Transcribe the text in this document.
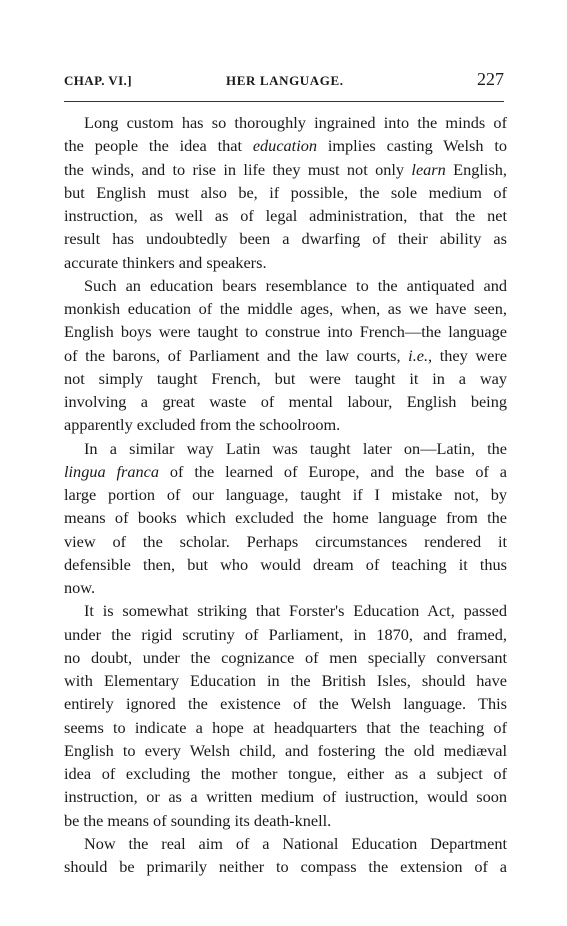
CHAP. VI.]	HER LANGUAGE.	227
Long custom has so thoroughly ingrained into the minds of
the people the idea that education implies casting Welsh to
the winds, and to rise in life they must not only learn English,
but English must also be, if possible, the sole medium of
instruction, as well as of legal administration, that the net
result has undoubtedly been a dwarfing of their ability as
accurate thinkers and speakers.
Such an education bears resemblance to the antiquated and
monkish education of the middle ages, when, as we have seen,
English boys were taught to construe into French—the language
of the barons, of Parliament and the law courts, i.e., they were
not simply taught French, but were taught it in a way
involving a great waste of mental labour, English being
apparently excluded from the schoolroom.
In a similar way Latin was taught later on—Latin, the
lingua franca of the learned of Europe, and the base of a
large portion of our language, taught if I mistake not, by
means of books which excluded the home language from the
view of the scholar. Perhaps circumstances rendered it
defensible then, but who would dream of teaching it thus
now.
It is somewhat striking that Forster's Education Act, passed
under the rigid scrutiny of Parliament, in 1870, and framed,
no doubt, under the cognizance of men specially conversant
with Elementary Education in the British Isles, should have
entirely ignored the existence of the Welsh language. This
seems to indicate a hope at headquarters that the teaching of
English to every Welsh child, and fostering the old mediæval
idea of excluding the mother tongue, either as a subject of
instruction, or as a written medium of iustruction, would soon
be the means of sounding its death-knell.
Now the real aim of a National Education Department
should be primarily neither to compass the extension of a
